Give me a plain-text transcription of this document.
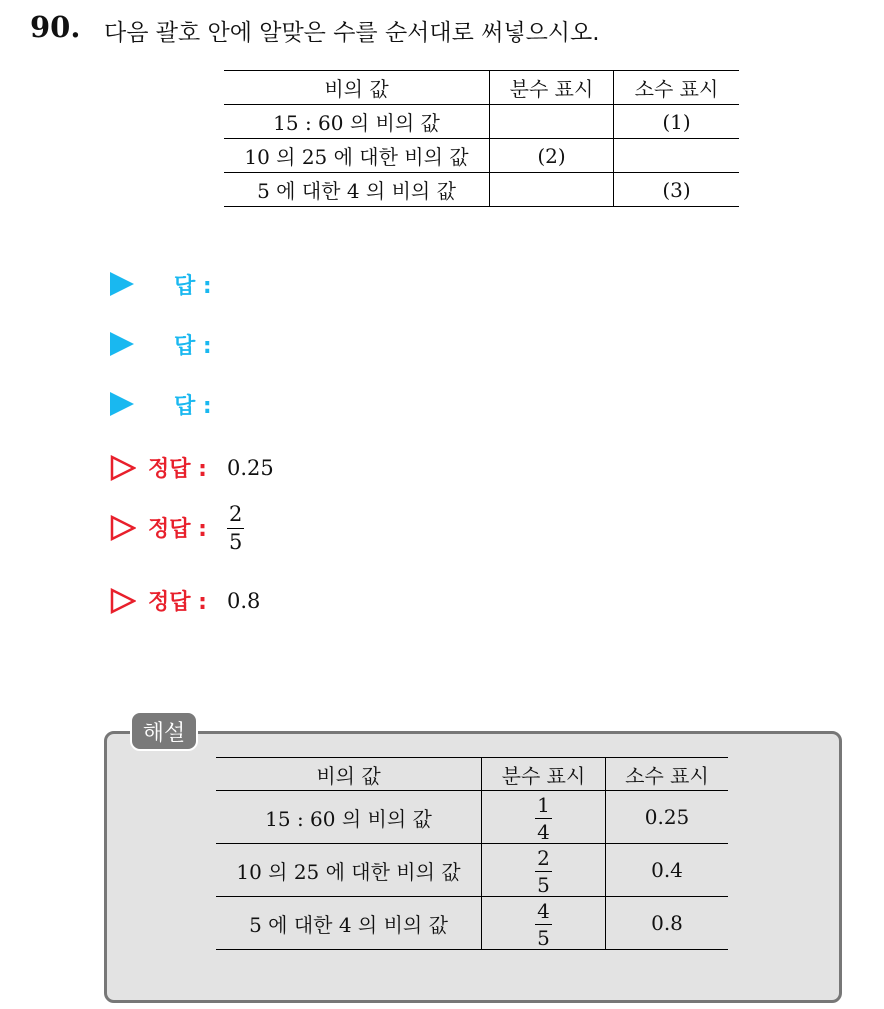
90. 다음 괄호 안에 알맞은 수를 순서대로 써넣으시오.
비의 값	분수 표시	소수 표시
15 : 60 의 비의 값		(1)
10 의 25 에 대한 비의 값	(2)	
5 에 대한 4 의 비의 값		(3)
답 :
답 :
답 :
정답 : 0.25
정답 : $\frac{2}{5}$
정답 : 0.8
해설
비의 값	분수 표시	소수 표시
15 : 60 의 비의 값	$\frac{1}{4}$	0.25
10 의 25 에 대한 비의 값	$\frac{2}{5}$	0.4
5 에 대한 4 의 비의 값	$\frac{4}{5}$	0.8
